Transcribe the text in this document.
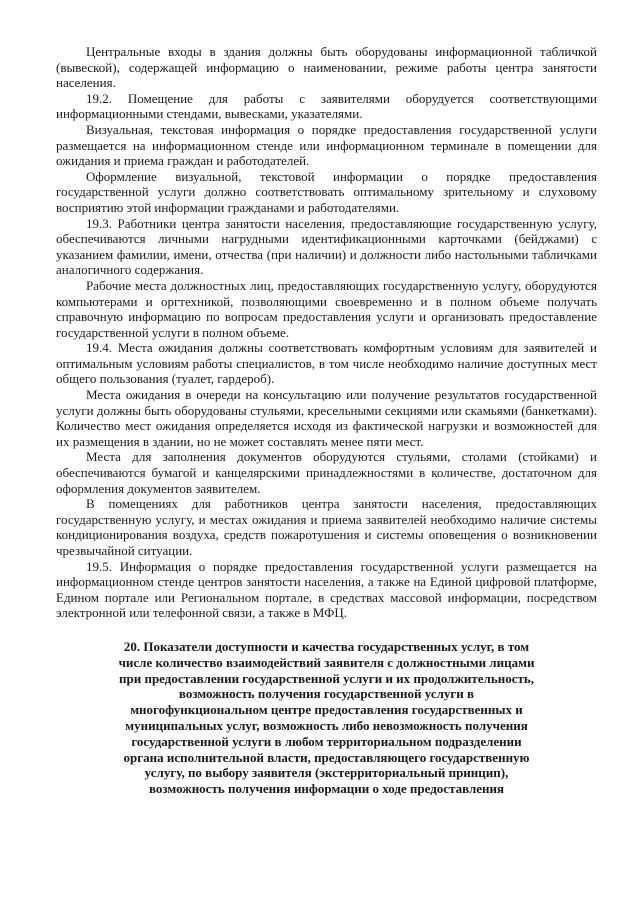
Центральные входы в здания должны быть оборудованы информационной табличкой (вывеской), содержащей информацию о наименовании, режиме работы центра занятости населения.

19.2. Помещение для работы с заявителями оборудуется соответствующими информационными стендами, вывесками, указателями.

Визуальная, текстовая информация о порядке предоставления государственной услуги размещается на информационном стенде или информационном терминале в помещении для ожидания и приема граждан и работодателей.

Оформление визуальной, текстовой информации о порядке предоставления государственной услуги должно соответствовать оптимальному зрительному и слуховому восприятию этой информации гражданами и работодателями.

19.3. Работники центра занятости населения, предоставляющие государственную услугу, обеспечиваются личными нагрудными идентификационными карточками (бейджами) с указанием фамилии, имени, отчества (при наличии) и должности либо настольными табличками аналогичного содержания.

Рабочие места должностных лиц, предоставляющих государственную услугу, оборудуются компьютерами и оргтехникой, позволяющими своевременно и в полном объеме получать справочную информацию по вопросам предоставления услуги и организовать предоставление государственной услуги в полном объеме.

19.4. Места ожидания должны соответствовать комфортным условиям для заявителей и оптимальным условиям работы специалистов, в том числе необходимо наличие доступных мест общего пользования (туалет, гардероб).

Места ожидания в очереди на консультацию или получение результатов государственной услуги должны быть оборудованы стульями, кресельными секциями или скамьями (банкетками). Количество мест ожидания определяется исходя из фактической нагрузки и возможностей для их размещения в здании, но не может составлять менее пяти мест.

Места для заполнения документов оборудуются стульями, столами (стойками) и обеспечиваются бумагой и канцелярскими принадлежностями в количестве, достаточном для оформления документов заявителем.

В помещениях для работников центра занятости населения, предоставляющих государственную услугу, и местах ожидания и приема заявителей необходимо наличие системы кондиционирования воздуха, средств пожаротушения и системы оповещения о возникновении чрезвычайной ситуации.

19.5. Информация о порядке предоставления государственной услуги размещается на информационном стенде центров занятости населения, а также на Единой цифровой платформе, Едином портале или Региональном портале, в средствах массовой информации, посредством электронной или телефонной связи, а также в МФЦ.

20. Показатели доступности и качества государственных услуг, в том числе количество взаимодействий заявителя с должностными лицами при предоставлении государственной услуги и их продолжительность, возможность получения государственной услуги в многофункциональном центре предоставления государственных и муниципальных услуг, возможность либо невозможность получения государственной услуги в любом территориальном подразделении органа исполнительной власти, предоставляющего государственную услугу, по выбору заявителя (экстерриториальный принцип), возможность получения информации о ходе предоставления
